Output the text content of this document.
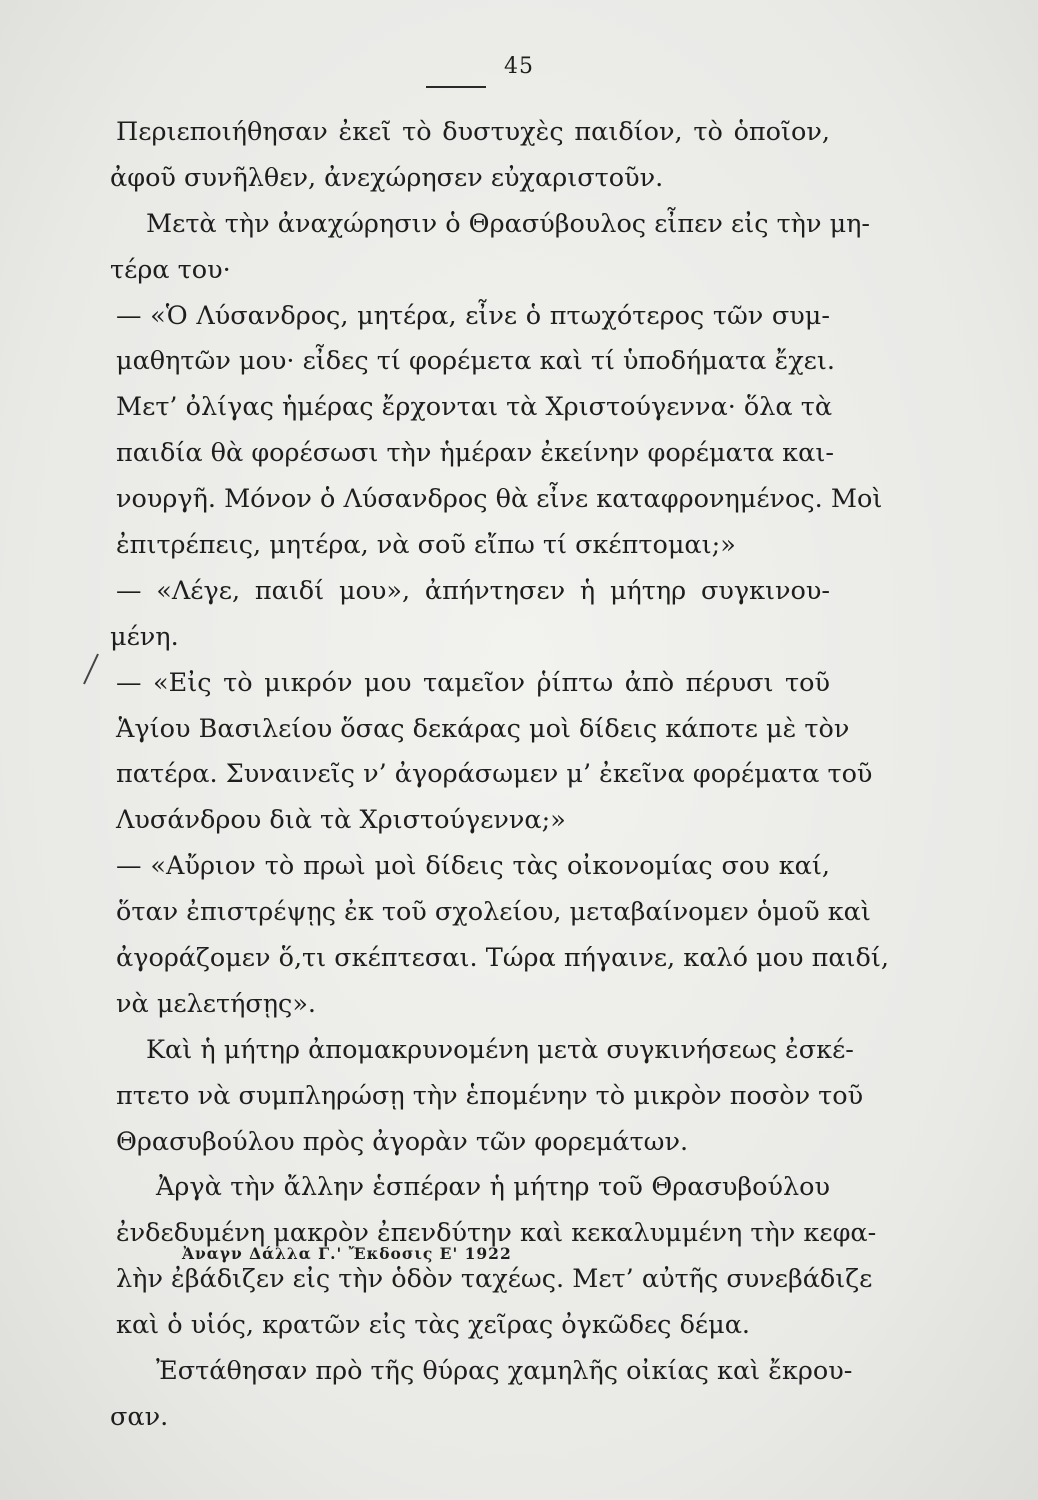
45
Περιεποιήθησαν ἐκεῖ τὸ δυστυχὲς παιδίον, τὸ ὁποῖον,
ἀφοῦ συνῆλθεν, ἀνεχώρησεν εὐχαριστοῦν.
Μετὰ τὴν ἀναχώρησιν ὁ Θρασύβουλος εἶπεν εἰς τὴν μη-
τέρα του·
— «Ὁ Λύσανδρος, μητέρα, εἶνε ὁ πτωχότερος τῶν συμ-
μαθητῶν μου· εἶδες τί φορέμετα καὶ τί ὑποδήματα ἔχει.
Μετ’ ὀλίγας ἡμέρας ἔρχονται τὰ Χριστούγεννα· ὅλα τὰ
παιδία θὰ φορέσωσι τὴν ἡμέραν ἐκείνην φορέματα και-
νουργῆ. Μόνον ὁ Λύσανδρος θὰ εἶνε καταφρονημένος. Μοὶ
ἐπιτρέπεις, μητέρα, νὰ σοῦ εἴπω τί σκέπτομαι;»
— «Λέγε, παιδί μου», ἀπήντησεν ἡ μήτηρ συγκινου-
μένη.
— «Εἰς τὸ μικρόν μου ταμεῖον ῥίπτω ἀπὸ πέρυσι τοῦ
Ἁγίου Βασιλείου ὅσας δεκάρας μοὶ δίδεις κάποτε μὲ τὸν
πατέρα. Συναινεῖς ν’ ἀγοράσωμεν μ’ ἐκεῖνα φορέματα τοῦ
Λυσάνδρου διὰ τὰ Χριστούγεννα;»
— «Αὔριον τὸ πρωὶ μοὶ δίδεις τὰς οἰκονομίας σου καί,
ὅταν ἐπιστρέψῃς ἐκ τοῦ σχολείου, μεταβαίνομεν ὁμοῦ καὶ
ἀγοράζομεν ὅ,τι σκέπτεσαι. Τώρα πήγαινε, καλό μου παιδί,
νὰ μελετήσῃς».
Καὶ ἡ μήτηρ ἀπομακρυνομένη μετὰ συγκινήσεως ἐσκέ-
πτετο νὰ συμπληρώσῃ τὴν ἑπομένην τὸ μικρὸν ποσὸν τοῦ
Θρασυβούλου πρὸς ἀγορὰν τῶν φορεμάτων.
Ἀργὰ τὴν ἄλλην ἑσπέραν ἡ μήτηρ τοῦ Θρασυβούλου
ἐνδεδυμένη μακρὸν ἐπενδύτην καὶ κεκαλυμμένη τὴν κεφα-
λὴν ἐβάδιζεν εἰς τὴν ὁδὸν ταχέως. Μετ’ αὐτῆς συνεβάδιζε
καὶ ὁ υἱός, κρατῶν εἰς τὰς χεῖρας ὀγκῶδες δέμα.
Ἐστάθησαν πρὸ τῆς θύρας χαμηλῆς οἰκίας καὶ ἔκρου-
σαν.
Ἀναγν Δάλλα Γ.' Ἔκδοσις Ε' 1922
